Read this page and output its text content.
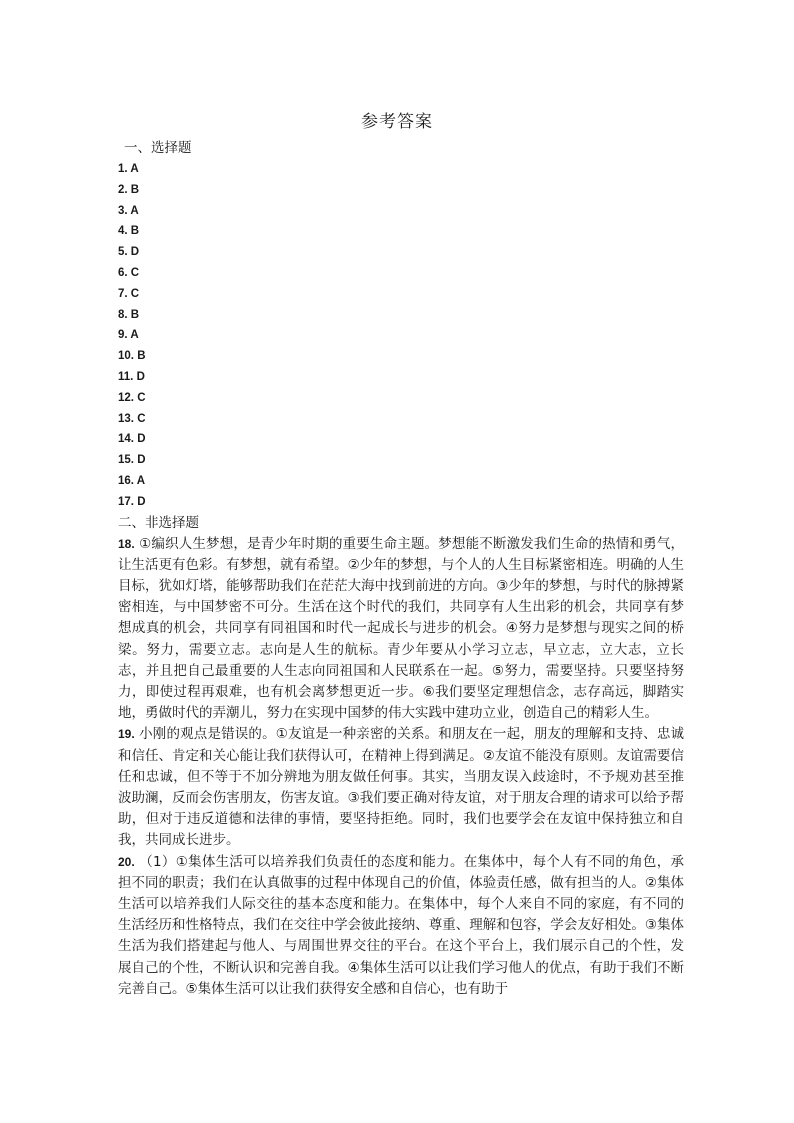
参考答案
一、选择题
1. A
2. B
3. A
4. B
5. D
6. C
7. C
8. B
9. A
10. B
11. D
12. C
13. C
14. D
15. D
16. A
17. D
二、非选择题

18. ①编织人生梦想，是青少年时期的重要生命主题。梦想能不断激发我们生命的热情和勇气，让生活更有色彩。有梦想，就有希望。②少年的梦想，与个人的人生目标紧密相连。明确的人生目标，犹如灯塔，能够帮助我们在茫茫大海中找到前进的方向。③少年的梦想，与时代的脉搏紧密相连，与中国梦密不可分。生活在这个时代的我们，共同享有人生出彩的机会，共同享有梦想成真的机会，共同享有同祖国和时代一起成长与进步的机会。④努力是梦想与现实之间的桥梁。努力，需要立志。志向是人生的航标。青少年要从小学习立志，早立志，立大志，立长志，并且把自己最重要的人生志向同祖国和人民联系在一起。⑤努力，需要坚持。只要坚持努力，即使过程再艰难，也有机会离梦想更近一步。⑥我们要坚定理想信念，志存高远，脚踏实地，勇做时代的弄潮儿，努力在实现中国梦的伟大实践中建功立业，创造自己的精彩人生。

19. 小刚的观点是错误的。①友谊是一种亲密的关系。和朋友在一起，朋友的理解和支持、忠诚和信任、肯定和关心能让我们获得认可，在精神上得到满足。②友谊不能没有原则。友谊需要信任和忠诚，但不等于不加分辨地为朋友做任何事。其实，当朋友误入歧途时，不予规劝甚至推波助澜，反而会伤害朋友，伤害友谊。③我们要正确对待友谊，对于朋友合理的请求可以给予帮助，但对于违反道德和法律的事情，要坚持拒绝。同时，我们也要学会在友谊中保持独立和自我，共同成长进步。

20. （1）①集体生活可以培养我们负责任的态度和能力。在集体中，每个人有不同的角色，承担不同的职责；我们在认真做事的过程中体现自己的价值，体验责任感，做有担当的人。②集体生活可以培养我们人际交往的基本态度和能力。在集体中，每个人来自不同的家庭，有不同的生活经历和性格特点，我们在交往中学会彼此接纳、尊重、理解和包容，学会友好相处。③集体生活为我们搭建起与他人、与周围世界交往的平台。在这个平台上，我们展示自己的个性，发展自己的个性，不断认识和完善自我。④集体生活可以让我们学习他人的优点，有助于我们不断完善自己。⑤集体生活可以让我们获得安全感和自信心，也有助于
